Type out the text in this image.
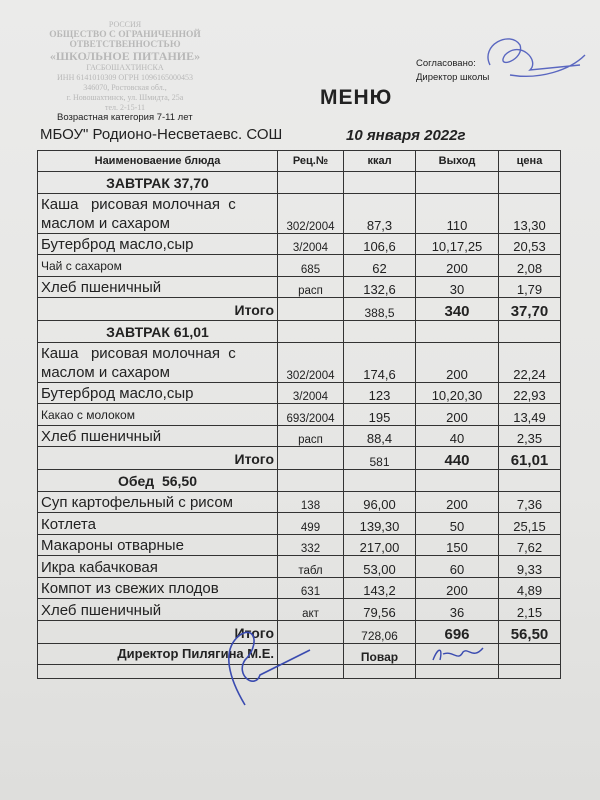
РОССИЯ
ОБЩЕСТВО С ОГРАНИЧЕННОЙ
ОТВЕТСТВЕННОСТЬЮ
«ШКОЛЬНОЕ ПИТАНИЕ»
ГАСБОШАХТИНСКА
ИНН 6141010309 ОГРН 1096165000453
346070, Ростовская обл.,
г. Новошахтинск, ул. Шмидта, 25а
тел. 2-15-11
Согласовано:
Директор школы
МЕНЮ
Возрастная категория 7-11 лет
МБОУ" Родионо-Несветаевс. СОШ	10 января 2022г
Наименоваение блюда	Рец.№	ккал	Выход	цена
ЗАВТРАК 37,70				
Каша   рисовая молочная  с
маслом и сахаром	302/2004	87,3	110	13,30
Бутерброд масло,сыр	3/2004	106,6	10,17,25	20,53
Чай с сахаром	685	62	200	2,08
Хлеб пшеничный	расп	132,6	30	1,79
Итого		388,5	340	37,70
ЗАВТРАК 61,01				
Каша   рисовая молочная  с
маслом и сахаром	302/2004	174,6	200	22,24
Бутерброд масло,сыр	3/2004	123	10,20,30	22,93
Какао с молоком	693/2004	195	200	13,49
Хлеб пшеничный	расп	88,4	40	2,35
Итого		581	440	61,01
Обед  56,50				
Суп картофельный с рисом	138	96,00	200	7,36
Котлета	499	139,30	50	25,15
Макароны отварные	332	217,00	150	7,62
Икра кабачковая	табл	53,00	60	9,33
Компот из свежих плодов	631	143,2	200	4,89
Хлеб пшеничный	акт	79,56	36	2,15
Итого		728,06	696	56,50
Директор Пилягина М.Е.		Повар		
